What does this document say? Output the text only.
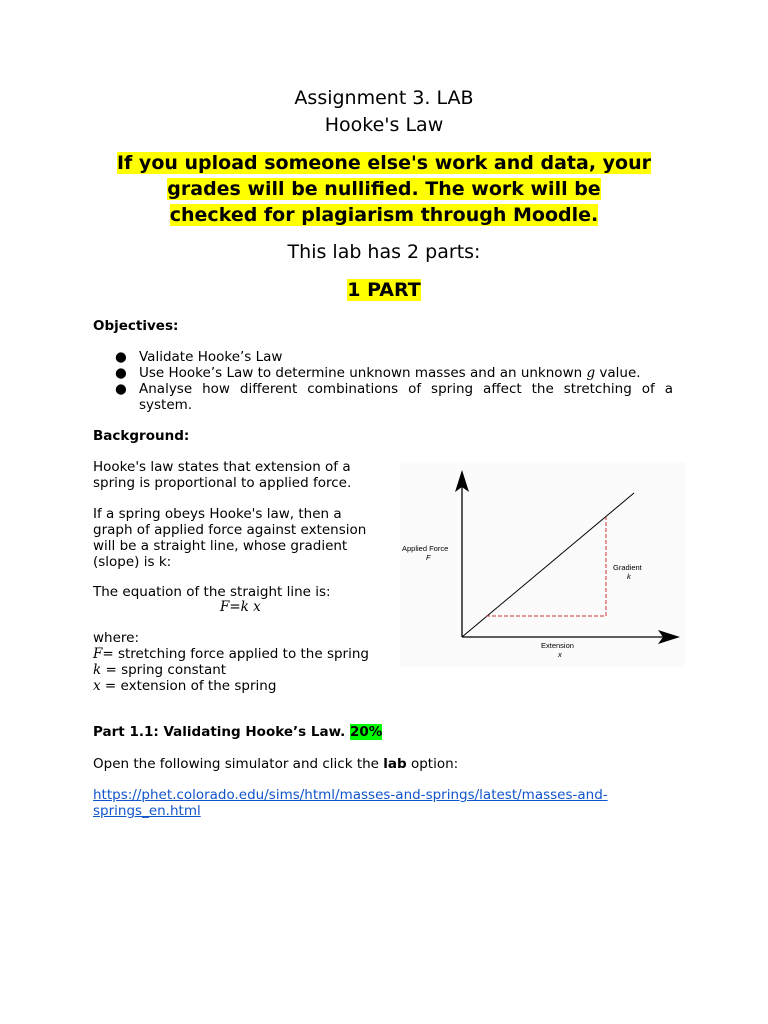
Assignment 3. LAB
Hooke's Law
If you upload someone else's work and data, your
grades will be nullified. The work will be
checked for plagiarism through Moodle.
This lab has 2 parts:
1 PART
Objectives:
● Validate Hooke’s Law
● Use Hooke’s Law to determine unknown masses and an unknown g value.
● Analyse how different combinations of spring affect the stretching of a system.
Background:
Hooke's law states that extension of a
spring is proportional to applied force.
If a spring obeys Hooke's law, then a
graph of applied force against extension
will be a straight line, whose gradient
(slope) is k:
The equation of the straight line is:
F=k x
where:
F= stretching force applied to the spring
k = spring constant
x = extension of the spring
Applied Force
F
Gradient
k
Extension
x
Part 1.1: Validating Hooke’s Law. 20%
Open the following simulator and click the lab option:
https://phet.colorado.edu/sims/html/masses-and-springs/latest/masses-and-
springs_en.html
